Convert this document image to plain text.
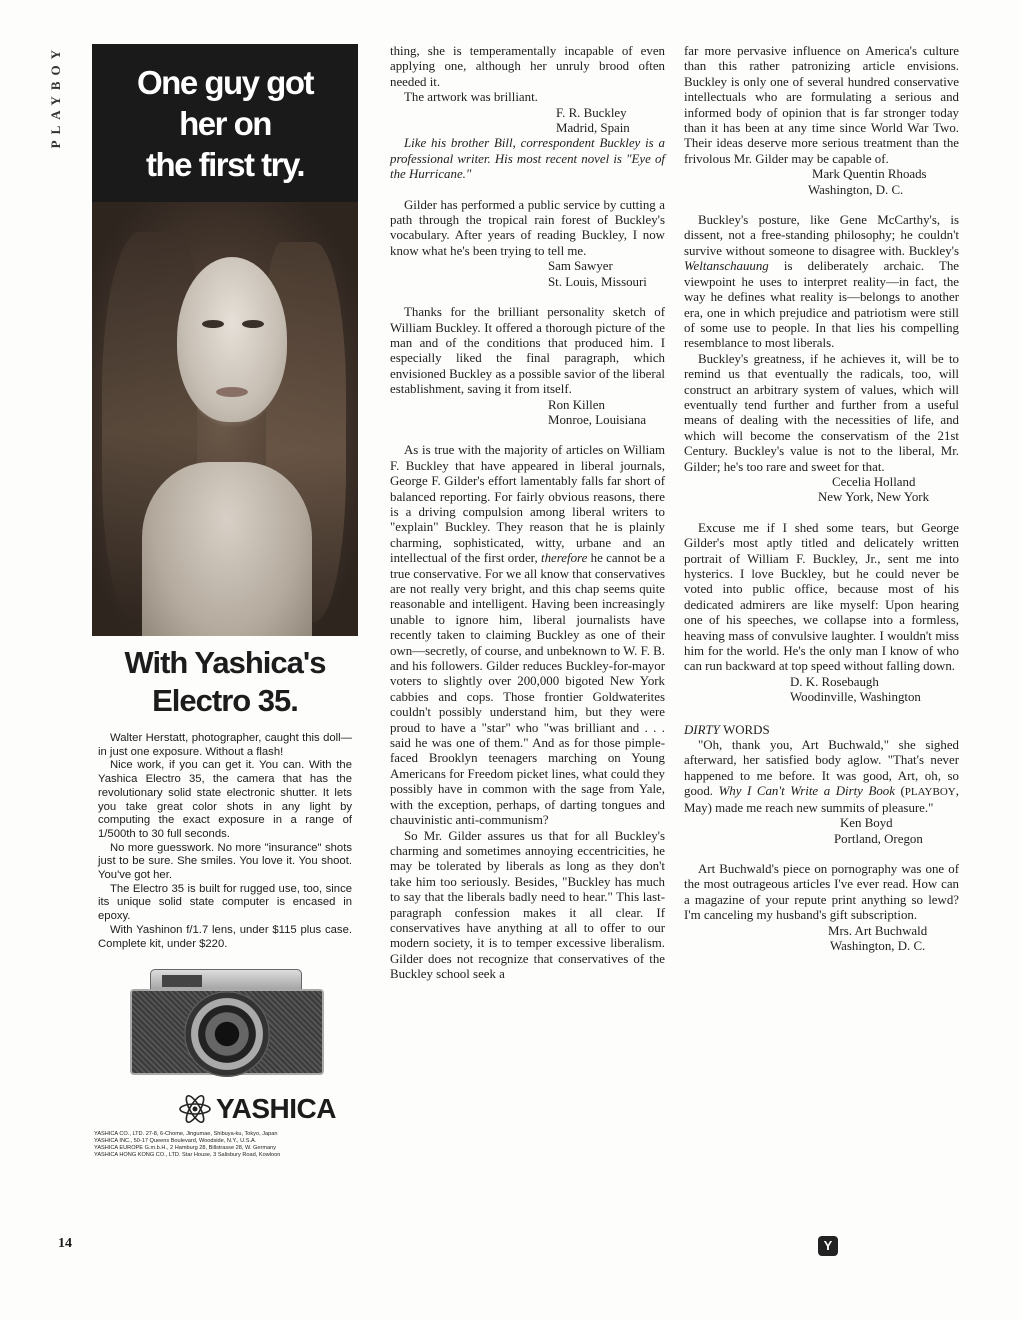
PLAYBOY
14
One guy got
her on
the first try.
With Yashica's
Electro 35.

Walter Herstatt, photographer, caught this doll—in just one exposure. Without a flash!

Nice work, if you can get it. You can. With the Yashica Electro 35, the camera that has the revolutionary solid state electronic shutter. It lets you take great color shots in any light by computing the exact exposure in a range of 1/500th to 30 full seconds.

No more guesswork. No more "insurance" shots just to be sure. She smiles. You love it. You shoot. You've got her.

The Electro 35 is built for rugged use, too, since its unique solid state computer is encased in epoxy.

With Yashinon f/1.7 lens, under $115 plus case. Complete kit, under $220.

YASHICA
YASHICA CO., LTD. 27-8, 6-Chome, Jingumae, Shibuya-ku, Tokyo, Japan
YASHICA INC., 50-17 Queens Boulevard, Woodside, N.Y., U.S.A.
YASHICA EUROPE G.m.b.H., 2 Hamburg 28, Billstrasse 28, W. Germany
YASHICA HONG KONG CO., LTD. Star House, 3 Salisbury Road, Kowloon

thing, she is temperamentally incapable of even applying one, although her unruly brood often needed it.

The artwork was brilliant.

F. R. Buckley

Madrid, Spain

Like his brother Bill, correspondent Buckley is a professional writer. His most recent novel is "Eye of the Hurricane."

Gilder has performed a public service by cutting a path through the tropical rain forest of Buckley's vocabulary. After years of reading Buckley, I now know what he's been trying to tell me.

Sam Sawyer

St. Louis, Missouri

Thanks for the brilliant personality sketch of William Buckley. It offered a thorough picture of the man and of the conditions that produced him. I especially liked the final paragraph, which envisioned Buckley as a possible savior of the liberal establishment, saving it from itself.

Ron Killen

Monroe, Louisiana

As is true with the majority of articles on William F. Buckley that have appeared in liberal journals, George F. Gilder's effort lamentably falls far short of balanced reporting. For fairly obvious reasons, there is a driving compulsion among liberal writers to "explain" Buckley. They reason that he is plainly charming, sophisticated, witty, urbane and an intellectual of the first order, therefore he cannot be a true conservative. For we all know that conservatives are not really very bright, and this chap seems quite reasonable and intelligent. Having been increasingly unable to ignore him, liberal journalists have recently taken to claiming Buckley as one of their own—secretly, of course, and unbeknown to W. F. B. and his followers. Gilder reduces Buckley-for-mayor voters to slightly over 200,000 bigoted New York cabbies and cops. Those frontier Goldwaterites couldn't possibly understand him, but they were proud to have a "star" who "was brilliant and . . . said he was one of them." And as for those pimple-faced Brooklyn teenagers marching on Young Americans for Freedom picket lines, what could they possibly have in common with the sage from Yale, with the exception, perhaps, of darting tongues and chauvinistic anti-communism?

So Mr. Gilder assures us that for all Buckley's charming and sometimes annoying eccentricities, he may be tolerated by liberals as long as they don't take him too seriously. Besides, "Buckley has much to say that the liberals badly need to hear." This last-paragraph confession makes it all clear. If conservatives have anything at all to offer to our modern society, it is to temper excessive liberalism. Gilder does not recognize that conservatives of the Buckley school seek a

far more pervasive influence on America's culture than this rather patronizing article envisions. Buckley is only one of several hundred conservative intellectuals who are formulating a serious and informed body of opinion that is far stronger today than it has been at any time since World War Two. Their ideas deserve more serious treatment than the frivolous Mr. Gilder may be capable of.

Mark Quentin Rhoads

Washington, D. C.

Buckley's posture, like Gene McCarthy's, is dissent, not a free-standing philosophy; he couldn't survive without someone to disagree with. Buckley's Weltanschauung is deliberately archaic. The viewpoint he uses to interpret reality—in fact, the way he defines what reality is—belongs to another era, one in which prejudice and patriotism were still of some use to people. In that lies his compelling resemblance to most liberals.

Buckley's greatness, if he achieves it, will be to remind us that eventually the radicals, too, will construct an arbitrary system of values, which will eventually tend further and further from a useful means of dealing with the necessities of life, and which will become the conservatism of the 21st Century. Buckley's value is not to the liberal, Mr. Gilder; he's too rare and sweet for that.

Cecelia Holland

New York, New York

Excuse me if I shed some tears, but George Gilder's most aptly titled and delicately written portrait of William F. Buckley, Jr., sent me into hysterics. I love Buckley, but he could never be voted into public office, because most of his dedicated admirers are like myself: Upon hearing one of his speeches, we collapse into a formless, heaving mass of convulsive laughter. I wouldn't miss him for the world. He's the only man I know of who can run backward at top speed without falling down.

D. K. Rosebaugh

Woodinville, Washington

DIRTY WORDS

"Oh, thank you, Art Buchwald," she sighed afterward, her satisfied body aglow. "That's never happened to me before. It was good, Art, oh, so good. Why I Can't Write a Dirty Book (PLAYBOY, May) made me reach new summits of pleasure."

Ken Boyd

Portland, Oregon

Art Buchwald's piece on pornography was one of the most outrageous articles I've ever read. How can a magazine of your repute print anything so lewd? I'm canceling my husband's gift subscription.

Mrs. Art Buchwald

Washington, D. C.

Y
